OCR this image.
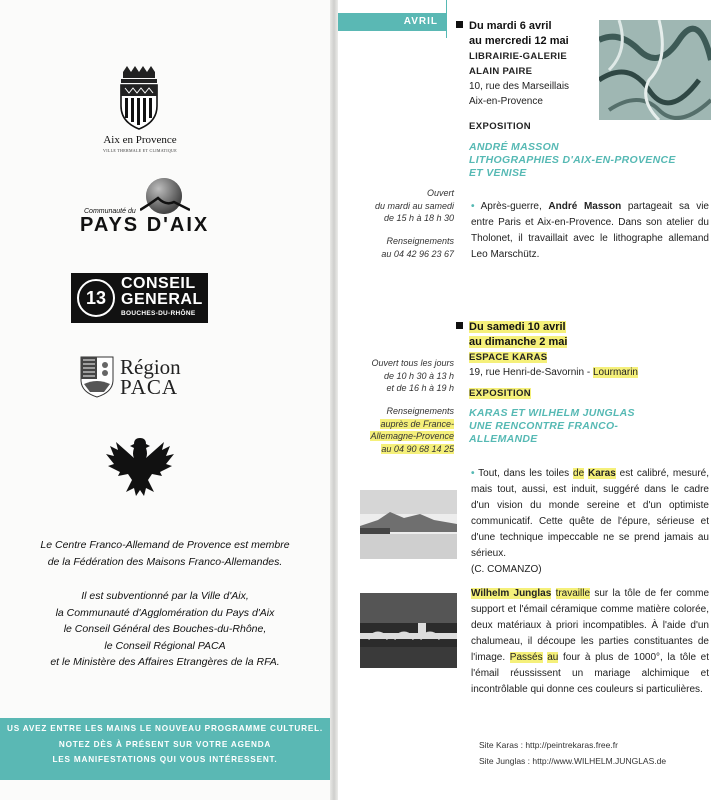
Aix en Provence
VILLE THERMALE ET CLIMATIQUE
Communauté du
PAYS D'AIX
13
CONSEIL
GENERAL
BOUCHES-DU-RHÔNE
Région
PACA
Le Centre Franco-Allemand de Provence est membre
de la Fédération des Maisons Franco-Allemandes.
Il est subventionné par la Ville d'Aix,
la Communauté d'Agglomération du Pays d'Aix
le Conseil Général des Bouches-du-Rhône,
le Conseil Régional PACA
et le Ministère des Affaires Etrangères de la RFA.
US AVEZ ENTRE LES MAINS LE NOUVEAU PROGRAMME CULTUREL.
NOTEZ DÈS À PRÉSENT SUR VOTRE AGENDA
LES MANIFESTATIONS QUI VOUS INTÉRESSENT.
AVRIL	Du mardi 6 avril
au mercredi 12 mai
LIBRAIRIE-GALERIE
ALAIN PAIRE
10, rue des Marseillais
Aix-en-Provence
EXPOSITION
ANDRÉ MASSON
LITHOGRAPHIES D'AIX-EN-PROVENCE
ET VENISE
Ouvert
du mardi au samedi
de 15 h à 18 h 30
Renseignements
au 04 42 96 23 67
• Après-guerre, André Masson partageait sa vie entre Paris et Aix-en-Provence. Dans son atelier du Tholonet, il travaillait avec le lithographe allemand Leo Marschütz.
Du samedi 10 avril
au dimanche 2 mai
ESPACE KARAS
19, rue Henri-de-Savornin - Lourmarin
EXPOSITION
KARAS ET WILHELM JUNGLAS
UNE RENCONTRE FRANCO-
ALLEMANDE
Ouvert tous les jours
de 10 h 30 à 13 h
et de 16 h à 19 h
Renseignements
auprès de France-
Allemagne-Provence
au 04 90 68 14 25
• Tout, dans les toiles de Karas est calibré, mesuré, mais tout, aussi, est induit, suggéré dans le cadre d'un vision du monde sereine et d'un optimiste communicatif. Cette quête de l'épure, sérieuse et d'une technique impeccable ne se prend jamais au sérieux.
(C. COMANZO)
Wilhelm Junglas travaille sur la tôle de fer comme support et l'émail céramique comme matière colorée, deux matériaux à priori incompatibles. À l'aide d'un chalumeau, il découpe les parties constituantes de l'image. Passés au four à plus de 1000°, la tôle et l'émail réussissent un mariage alchimique et incontrôlable qui donne ces couleurs si particulières.
Site Karas : http://peintrekaras.free.fr
Site Junglas : http://www.WILHELM.JUNGLAS.de
